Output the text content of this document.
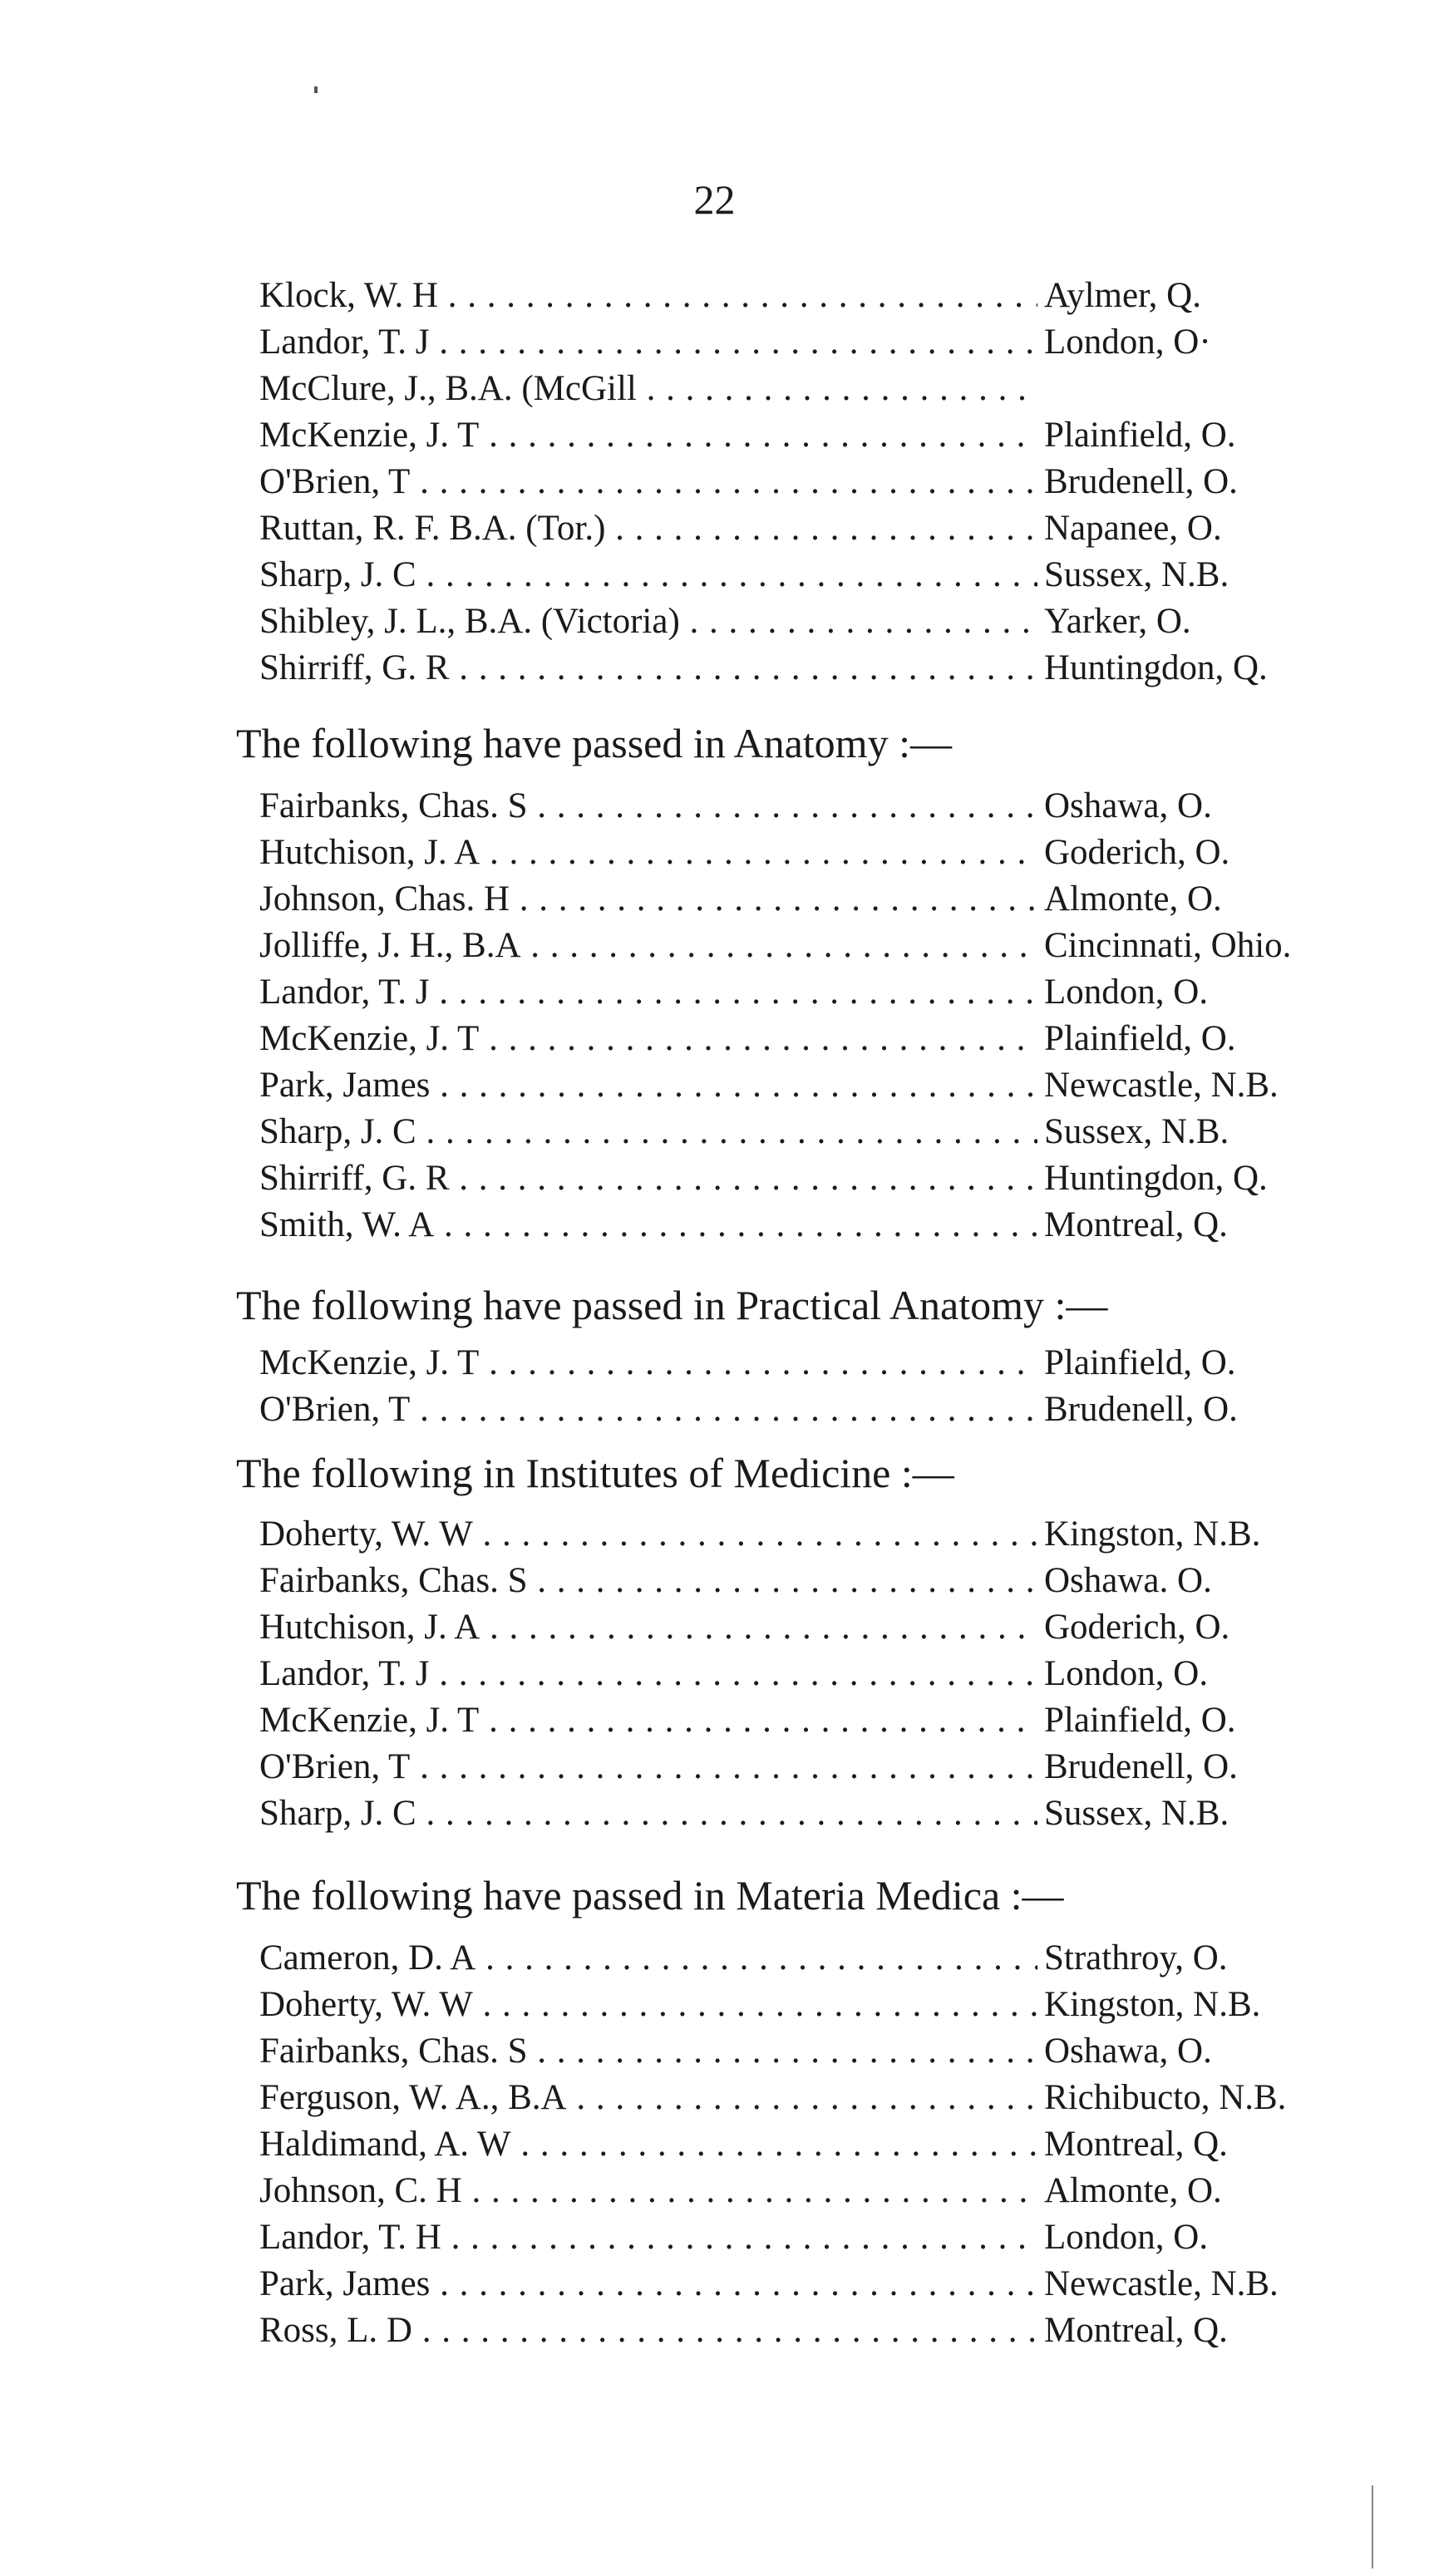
22
Klock, W. H . . .	Aylmer, Q.
Landor, T. J . . .	London, O·
McClure, J., B.A. (McGill . . .
McKenzie, J. T . . .	Plainfield, O.
O'Brien, T . . .	Brudenell, O.
Ruttan, R. F. B.A. (Tor.) . . .	Napanee, O.
Sharp, J. C . . .	Sussex, N.B.
Shibley, J. L., B.A. (Victoria) . . .	Yarker, O.
Shirriff, G. R . . .	Huntingdon, Q.
The following have passed in Anatomy :—
Fairbanks, Chas. S . . .	Oshawa, O.
Hutchison, J. A . . .	Goderich, O.
Johnson, Chas. H . . .	Almonte, O.
Jolliffe, J. H., B.A . . .	Cincinnati, Ohio.
Landor, T. J . . .	London, O.
McKenzie, J. T . . .	Plainfield, O.
Park, James . . .	Newcastle, N.B.
Sharp, J. C . . .	Sussex, N.B.
Shirriff, G. R . . .	Huntingdon, Q.
Smith, W. A . . .	Montreal, Q.
The following have passed in Practical Anatomy :—
McKenzie, J. T . . .	Plainfield, O.
O'Brien, T . . .	Brudenell, O.
The following in Institutes of Medicine :—
Doherty, W. W . . .	Kingston, N.B.
Fairbanks, Chas. S . . .	Oshawa. O.
Hutchison, J. A . . .	Goderich, O.
Landor, T. J . . .	London, O.
McKenzie, J. T . . .	Plainfield, O.
O'Brien, T . . .	Brudenell, O.
Sharp, J. C . . .	Sussex, N.B.
The following have passed in Materia Medica :—
Cameron, D. A . . .	Strathroy, O.
Doherty, W. W . . .	Kingston, N.B.
Fairbanks, Chas. S . . .	Oshawa, O.
Ferguson, W. A., B.A . . .	Richibucto, N.B.
Haldimand, A. W . . .	Montreal, Q.
Johnson, C. H . . .	Almonte, O.
Landor, T. H . . .	London, O.
Park, James . . .	Newcastle, N.B.
Ross, L. D . . .	Montreal, Q.
